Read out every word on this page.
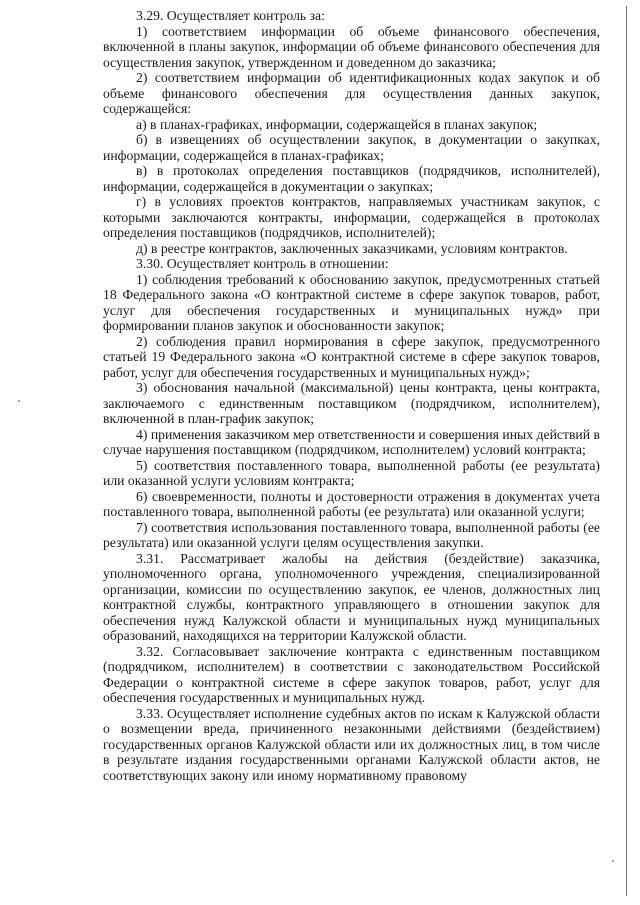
3.29. Осуществляет контроль за:

1) соответствием информации об объеме финансового обеспечения, включенной в планы закупок, информации об объеме финансового обеспечения для осуществления закупок, утвержденном и доведенном до заказчика;

2) соответствием информации об идентификационных кодах закупок и об объеме финансового обеспечения для осуществления данных закупок, содержащейся:

а) в планах-графиках, информации, содержащейся в планах закупок;

б) в извещениях об осуществлении закупок, в документации о закупках, информации, содержащейся в планах-графиках;

в) в протоколах определения поставщиков (подрядчиков, исполнителей), информации, содержащейся в документации о закупках;

г) в условиях проектов контрактов, направляемых участникам закупок, с которыми заключаются контракты, информации, содержащейся в протоколах определения поставщиков (подрядчиков, исполнителей);

д) в реестре контрактов, заключенных заказчиками, условиям контрактов.

3.30. Осуществляет контроль в отношении:

1) соблюдения требований к обоснованию закупок, предусмотренных статьей 18 Федерального закона «О контрактной системе в сфере закупок товаров, работ, услуг для обеспечения государственных и муниципальных нужд» при формировании планов закупок и обоснованности закупок;

2) соблюдения правил нормирования в сфере закупок, предусмотренного статьей 19 Федерального закона «О контрактной системе в сфере закупок товаров, работ, услуг для обеспечения государственных и муниципальных нужд»;

3) обоснования начальной (максимальной) цены контракта, цены контракта, заключаемого с единственным поставщиком (подрядчиком, исполнителем), включенной в план-график закупок;

4) применения заказчиком мер ответственности и совершения иных действий в случае нарушения поставщиком (подрядчиком, исполнителем) условий контракта;

5) соответствия поставленного товара, выполненной работы (ее результата) или оказанной услуги условиям контракта;

6) своевременности, полноты и достоверности отражения в документах учета поставленного товара, выполненной работы (ее результата) или оказанной услуги;

7) соответствия использования поставленного товара, выполненной работы (ее результата) или оказанной услуги целям осуществления закупки.

3.31. Рассматривает жалобы на действия (бездействие) заказчика, уполномоченного органа, уполномоченного учреждения, специализированной организации, комиссии по осуществлению закупок, ее членов, должностных лиц контрактной службы, контрактного управляющего в отношении закупок для обеспечения нужд Калужской области и муниципальных нужд муниципальных образований, находящихся на территории Калужской области.

3.32. Согласовывает заключение контракта с единственным поставщиком (подрядчиком, исполнителем) в соответствии с законодательством Российской Федерации о контрактной системе в сфере закупок товаров, работ, услуг для обеспечения государственных и муниципальных нужд.

3.33. Осуществляет исполнение судебных актов по искам к Калужской области о возмещении вреда, причиненного незаконными действиями (бездействием) государственных органов Калужской области или их должностных лиц, в том числе в результате издания государственными органами Калужской области актов, не соответствующих закону или иному нормативному правовому
